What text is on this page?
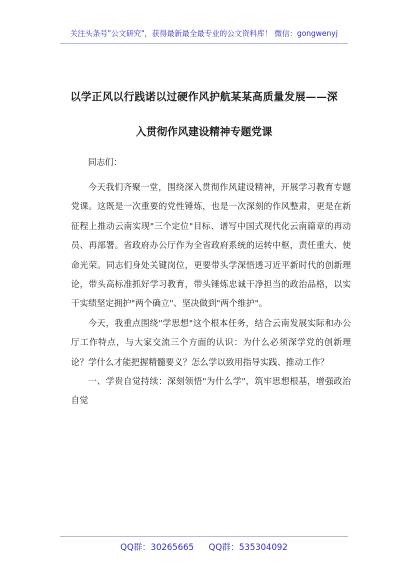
关注头条号"公文研究"，获得最新最全最专业的公文资料库！ 微信：gongwenyj
以学正风以行践诺以过硬作风护航某某高质量发展——深
入贯彻作风建设精神专题党课
同志们：

今天我们齐聚一堂，围绕深入贯彻作风建设精神，开展学习教育专题党课。这既是一次重要的党性锤炼，也是一次深刻的作风整肃，更是在新征程上推动云南实现"三个定位"目标、谱写中国式现代化云南篇章的再动员、再部署。省政府办公厅作为全省政府系统的运转中枢，责任重大、使命光荣。同志们身处关键岗位，更要带头学深悟透习近平新时代的创新理论，带头高标准抓好学习教育，带头锤炼忠诚干净担当的政治品格，以实干实绩坚定拥护"两个确立"、坚决做到"两个维护"。

今天，我重点围绕"学思想"这个根本任务，结合云南发展实际和办公厅工作特点，与大家交流三个方面的认识：为什么必须深学党的创新理论？学什么才能把握精髓要义？怎么学以致用指导实践、推动工作？

一、学贵自觉持续：深刻领悟"为什么学"，筑牢思想根基，增强政治自觉

QQ群：30265665 QQ群：535304092
